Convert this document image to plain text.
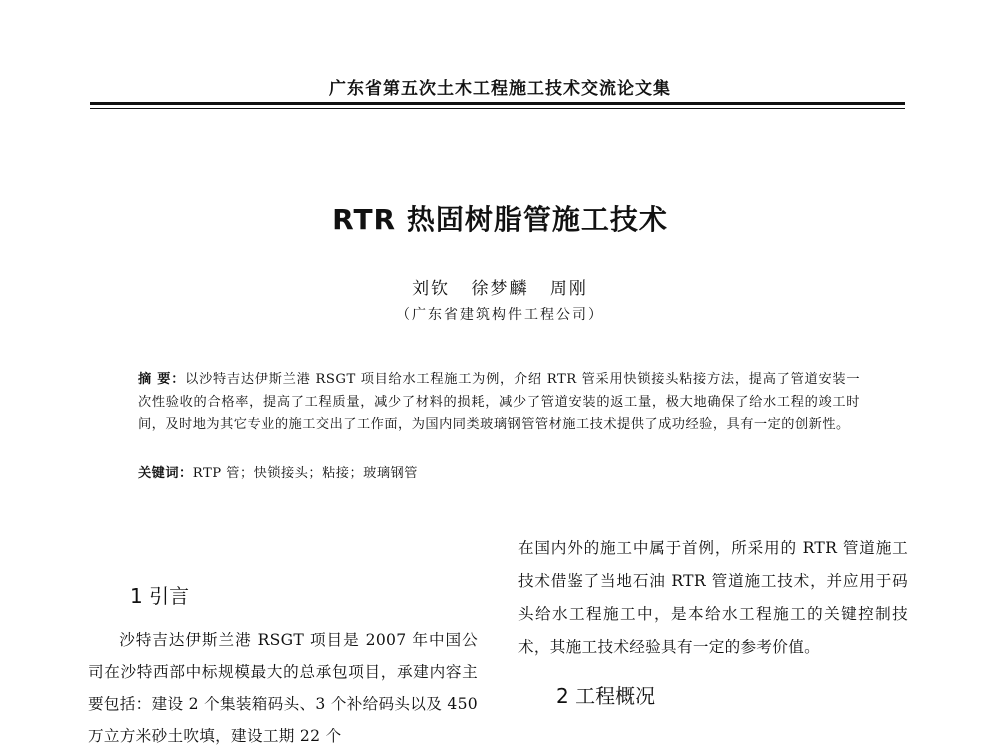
广东省第五次土木工程施工技术交流论文集
RTR 热固树脂管施工技术
刘钦 徐梦麟 周刚
（广东省建筑构件工程公司）
摘 要：以沙特吉达伊斯兰港 RSGT 项目给水工程施工为例，介绍 RTR 管采用快锁接头粘接方法，提高了管道安装一次性验收的合格率，提高了工程质量，减少了材料的损耗，减少了管道安装的返工量，极大地确保了给水工程的竣工时间，及时地为其它专业的施工交出了工作面，为国内同类玻璃钢管管材施工技术提供了成功经验，具有一定的创新性。
关键词：RTP 管；快锁接头；粘接；玻璃钢管
在国内外的施工中属于首例，所采用的 RTR 管道施工技术借鉴了当地石油 RTR 管道施工技术，并应用于码头给水工程施工中，是本给水工程施工的关键控制技术，其施工技术经验具有一定的参考价值。
1 引言
沙特吉达伊斯兰港 RSGT 项目是 2007 年中国公司在沙特西部中标规模最大的总承包项目，承建内容主要包括：建设 2 个集装箱码头、3 个补给码头以及 450 万立方米砂土吹填，建设工期 22 个
2 工程概况
